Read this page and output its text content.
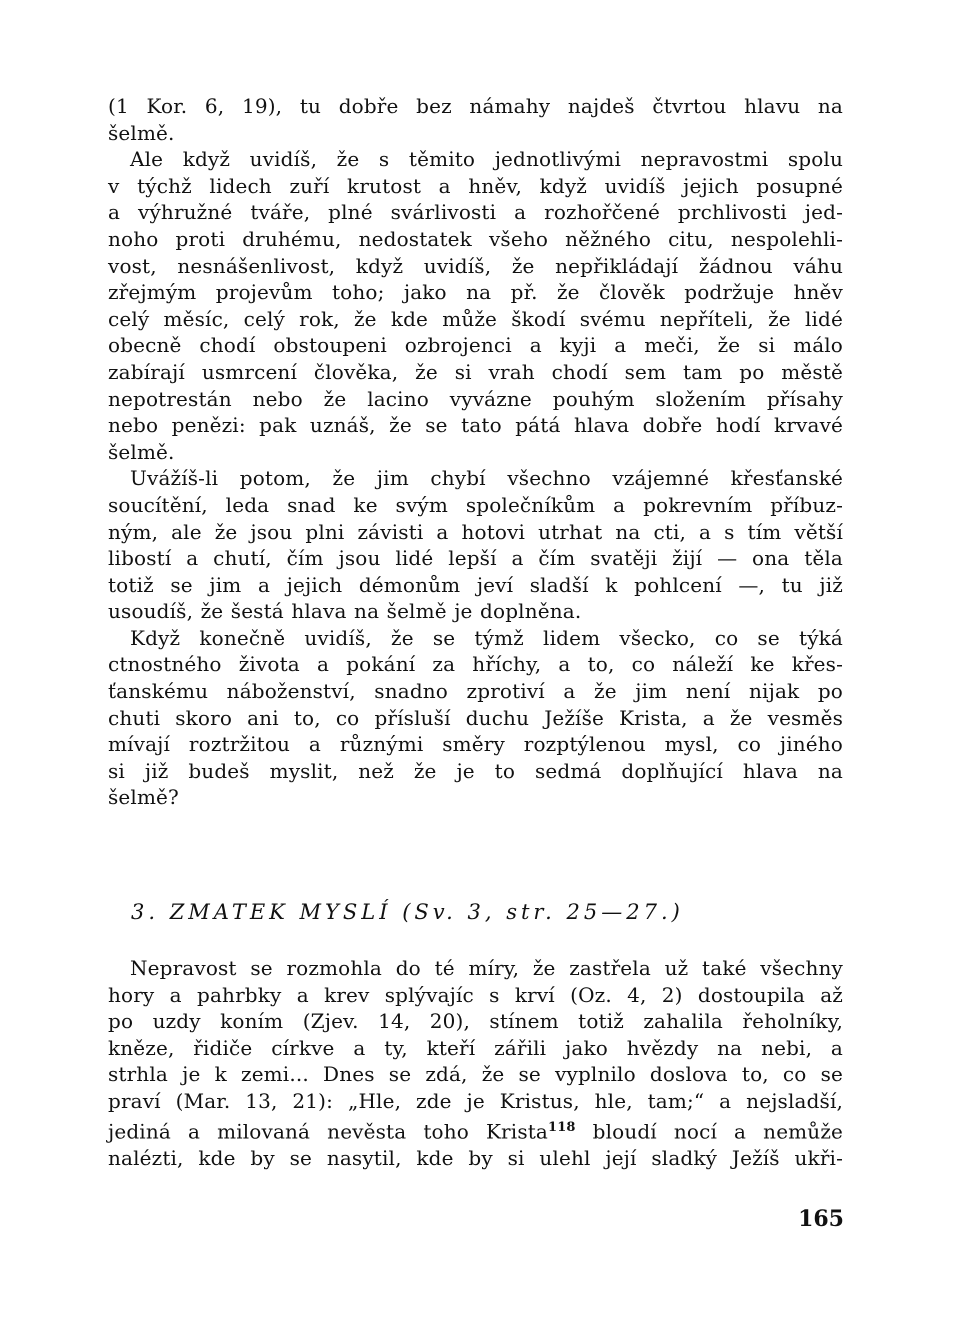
(1 Kor. 6, 19), tu dobře bez námahy najdeš čtvrtou hlavu na
šelmě.
Ale když uvidíš, že s těmito jednotlivými nepravostmi spolu
v týchž lidech zuří krutost a hněv, když uvidíš jejich posupné
a výhružné tváře, plné svárlivosti a rozhořčené prchlivosti jed-
noho proti druhému, nedostatek všeho něžného citu, nespolehli-
vost, nesnášenlivost, když uvidíš, že nepřikládají žádnou váhu
zřejmým projevům toho; jako na př. že člověk podržuje hněv
celý měsíc, celý rok, že kde může škodí svému nepříteli, že lidé
obecně chodí obstoupeni ozbrojenci a kyji a meči, že si málo
zabírají usmrcení člověka, že si vrah chodí sem tam po městě
nepotrestán nebo že lacino vyvázne pouhým složením přísahy
nebo penězi: pak uznáš, že se tato pátá hlava dobře hodí krvavé
šelmě.
Uvážíš-li potom, že jim chybí všechno vzájemné křesťanské
soucítění, leda snad ke svým společníkům a pokrevním příbuz-
ným, ale že jsou plni závisti a hotovi utrhat na cti, a s tím větší
libostí a chutí, čím jsou lidé lepší a čím svatěji žijí — ona těla
totiž se jim a jejich démonům jeví sladší k pohlcení —, tu již
usoudíš, že šestá hlava na šelmě je doplněna.
Když konečně uvidíš, že se týmž lidem všecko, co se týká
ctnostného života a pokání za hříchy, a to, co náleží ke křes-
ťanskému náboženství, snadno zprotiví a že jim není nijak po
chuti skoro ani to, co přísluší duchu Ježíše Krista, a že vesměs
mívají roztržitou a různými směry rozptýlenou mysl, co jiného
si již budeš myslit, než že je to sedmá doplňující hlava na
šelmě?
3. ZMATEK MYSLÍ (Sv. 3, str. 25—27.)
Nepravost se rozmohla do té míry, že zastřela už také všechny
hory a pahrbky a krev splývajíc s krví (Oz. 4, 2) dostoupila až
po uzdy koním (Zjev. 14, 20), stínem totiž zahalila řeholníky,
kněze, řidiče církve a ty, kteří zářili jako hvězdy na nebi, a
strhla je k zemi... Dnes se zdá, že se vyplnilo doslova to, co se
praví (Mar. 13, 21): „Hle, zde je Kristus, hle, tam;“ a nejsladší,
jediná a milovaná nevěsta toho Krista$^{118}$ bloudí nocí a nemůže
nalézti, kde by se nasytil, kde by si ulehl její sladký Ježíš ukři-
165
